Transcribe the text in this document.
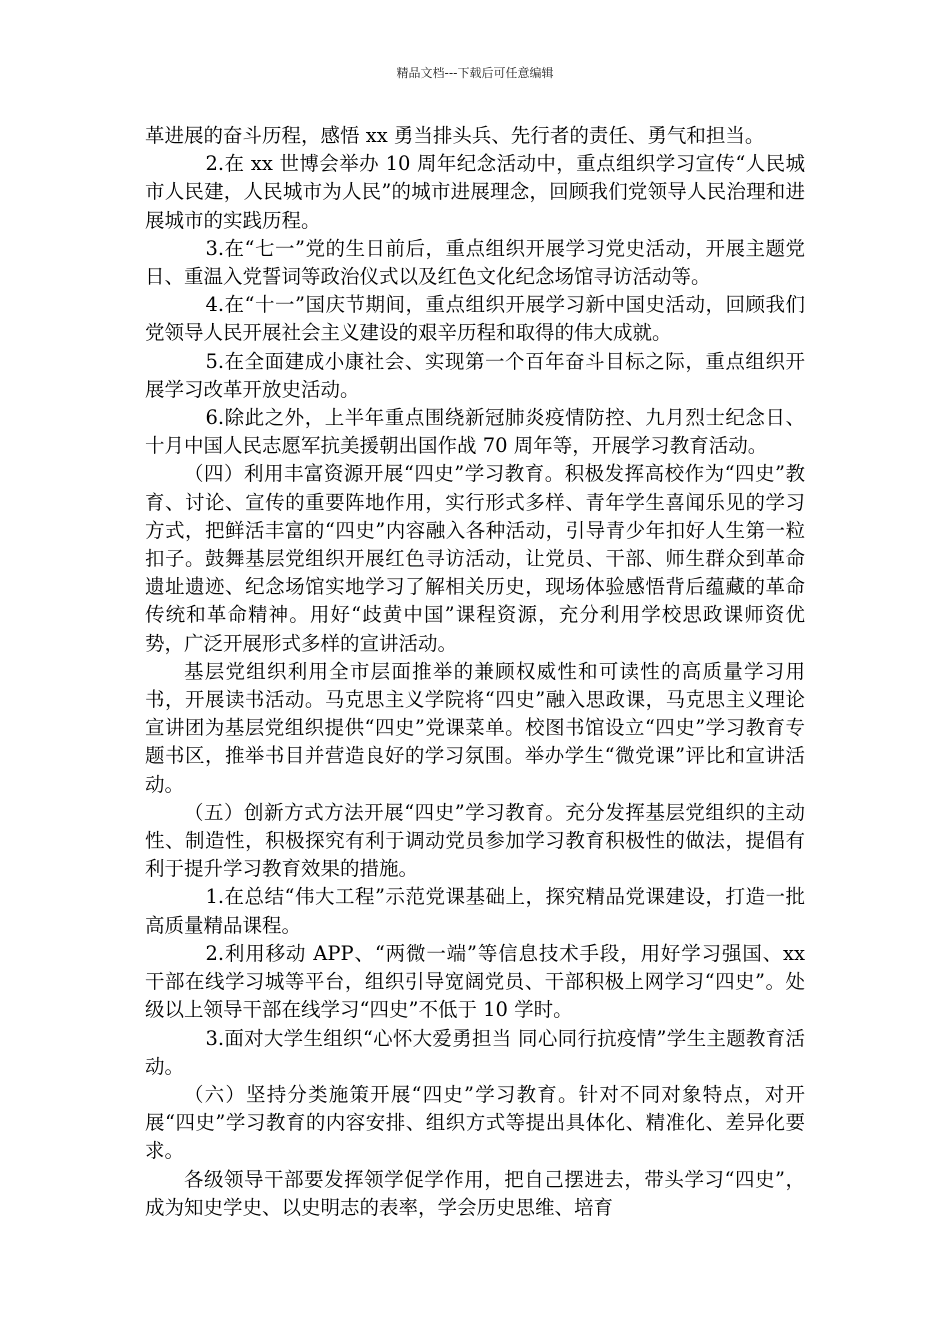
精品文档---下载后可任意编辑

革进展的奋斗历程，感悟 xx 勇当排头兵、先行者的责任、勇气和担当。

2.在 xx 世博会举办 10 周年纪念活动中，重点组织学习宣传“人民城市人民建，人民城市为人民”的城市进展理念，回顾我们党领导人民治理和进展城市的实践历程。

3.在“七一”党的生日前后，重点组织开展学习党史活动，开展主题党日、重温入党誓词等政治仪式以及红色文化纪念场馆寻访活动等。

4.在“十一”国庆节期间，重点组织开展学习新中国史活动，回顾我们党领导人民开展社会主义建设的艰辛历程和取得的伟大成就。

5.在全面建成小康社会、实现第一个百年奋斗目标之际，重点组织开展学习改革开放史活动。

6.除此之外，上半年重点围绕新冠肺炎疫情防控、九月烈士纪念日、十月中国人民志愿军抗美援朝出国作战 70 周年等，开展学习教育活动。

（四）利用丰富资源开展“四史”学习教育。积极发挥高校作为“四史”教育、讨论、宣传的重要阵地作用，实行形式多样、青年学生喜闻乐见的学习方式，把鲜活丰富的“四史”内容融入各种活动，引导青少年扣好人生第一粒扣子。鼓舞基层党组织开展红色寻访活动，让党员、干部、师生群众到革命遗址遗迹、纪念场馆实地学习了解相关历史，现场体验感悟背后蕴藏的革命传统和革命精神。用好“歧黄中国”课程资源，充分利用学校思政课师资优势，广泛开展形式多样的宣讲活动。

基层党组织利用全市层面推举的兼顾权威性和可读性的高质量学习用书，开展读书活动。马克思主义学院将“四史”融入思政课，马克思主义理论宣讲团为基层党组织提供“四史”党课菜单。校图书馆设立“四史”学习教育专题书区，推举书目并营造良好的学习氛围。举办学生“微党课”评比和宣讲活动。

（五）创新方式方法开展“四史”学习教育。充分发挥基层党组织的主动性、制造性，积极探究有利于调动党员参加学习教育积极性的做法，提倡有利于提升学习教育效果的措施。

1.在总结“伟大工程”示范党课基础上，探究精品党课建设，打造一批高质量精品课程。

2.利用移动 APP、“两微一端”等信息技术手段，用好学习强国、xx 干部在线学习城等平台，组织引导宽阔党员、干部积极上网学习“四史”。处级以上领导干部在线学习“四史”不低于 10 学时。

3.面对大学生组织“心怀大爱勇担当 同心同行抗疫情”学生主题教育活动。

（六）坚持分类施策开展“四史”学习教育。针对不同对象特点，对开展“四史”学习教育的内容安排、组织方式等提出具体化、精准化、差异化要求。

各级领导干部要发挥领学促学作用，把自己摆进去，带头学习“四史”，成为知史学史、以史明志的表率，学会历史思维、培育
